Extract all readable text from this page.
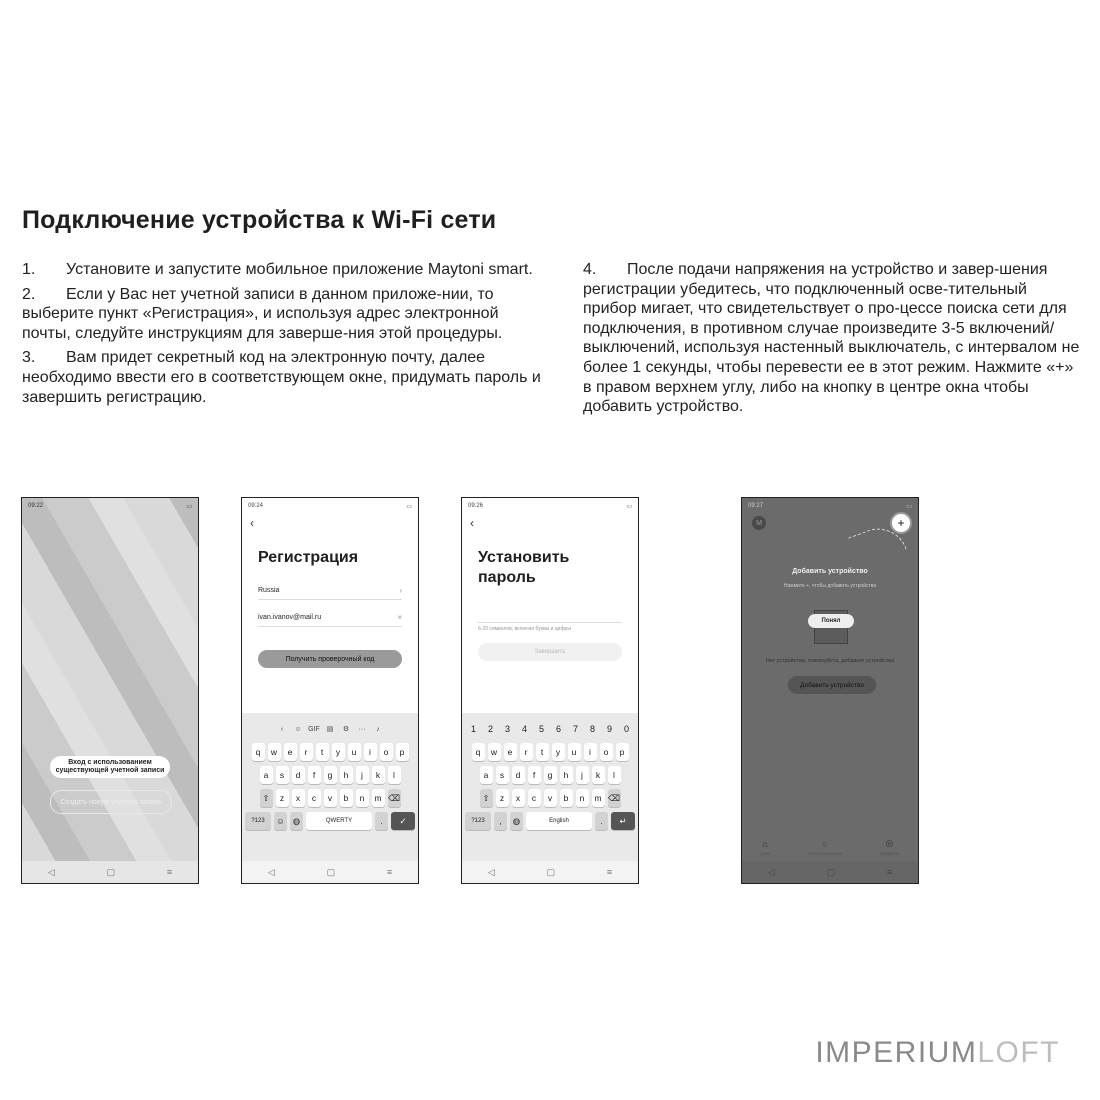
Подключение устройства к Wi-Fi сети

1. Установите и запустите мобильное приложение Maytoni smart.

2. Если у Вас нет учетной записи в данном приложе-нии, то выберите пункт «Регистрация», и используя адрес электронной почты, следуйте инструкциям для заверше-ния этой процедуры.

3. Вам придет секретный код на электронную почту, далее необходимо ввести его в соответствующем окне, придумать пароль и завершить регистрацию.

4. После подачи напряжения на устройство и завер-шения регистрации убедитесь, что подключенный осве-тительный прибор мигает, что свидетельствует о про-цессе поиска сети для подключения, в противном случае произведите 3-5 включений/выключений, используя настенный выключатель, с интервалом не более 1 секунды, чтобы перевести ее в этот режим. Нажмите «+» в правом верхнем углу, либо на кнопку в центре окна чтобы добавить устройство.

09:22	▭
Вход с использованием существующей учетной записи
Создать новую учетную запись
◁	▢	≡
09:24	▭
‹
Регистрация
Russia	›
ivan.ivanov@mail.ru	×
Получить проверочный код
‹	☺ GIF ▤	⚙	···	♪
q	w	e	r	t	y	u	i	o	p
a	s	d	f	g	h	j	k	l
⇧	z	x	c	v	b	n	m ⌫
?123	☺ ◍	QWERTY	.	✓
◁	▢	≡
09:26	▭
‹
Установить пароль
6-20 символов, включая буквы и цифры
Завершить
1	2	3	4	5	6	7	8	9	0
q	w	e	r	t	y	u	i	o	p
a	s	d	f	g	h	j	k	l
⇧	z	x	c	v	b	n	m ⌫
?123	,	◍	English	.	↵
◁	▢	≡
09:27	▭
M	+
Добавить устройство
Нажмите +, чтобы добавить устройства
Понял
Нет устройства, пожалуйста, добавьте устройства
Добавить устройство
⌂
Дом
○
Умные сценарии
◎
Профиль
◁	▢	≡
IMPERIUMLOFT
